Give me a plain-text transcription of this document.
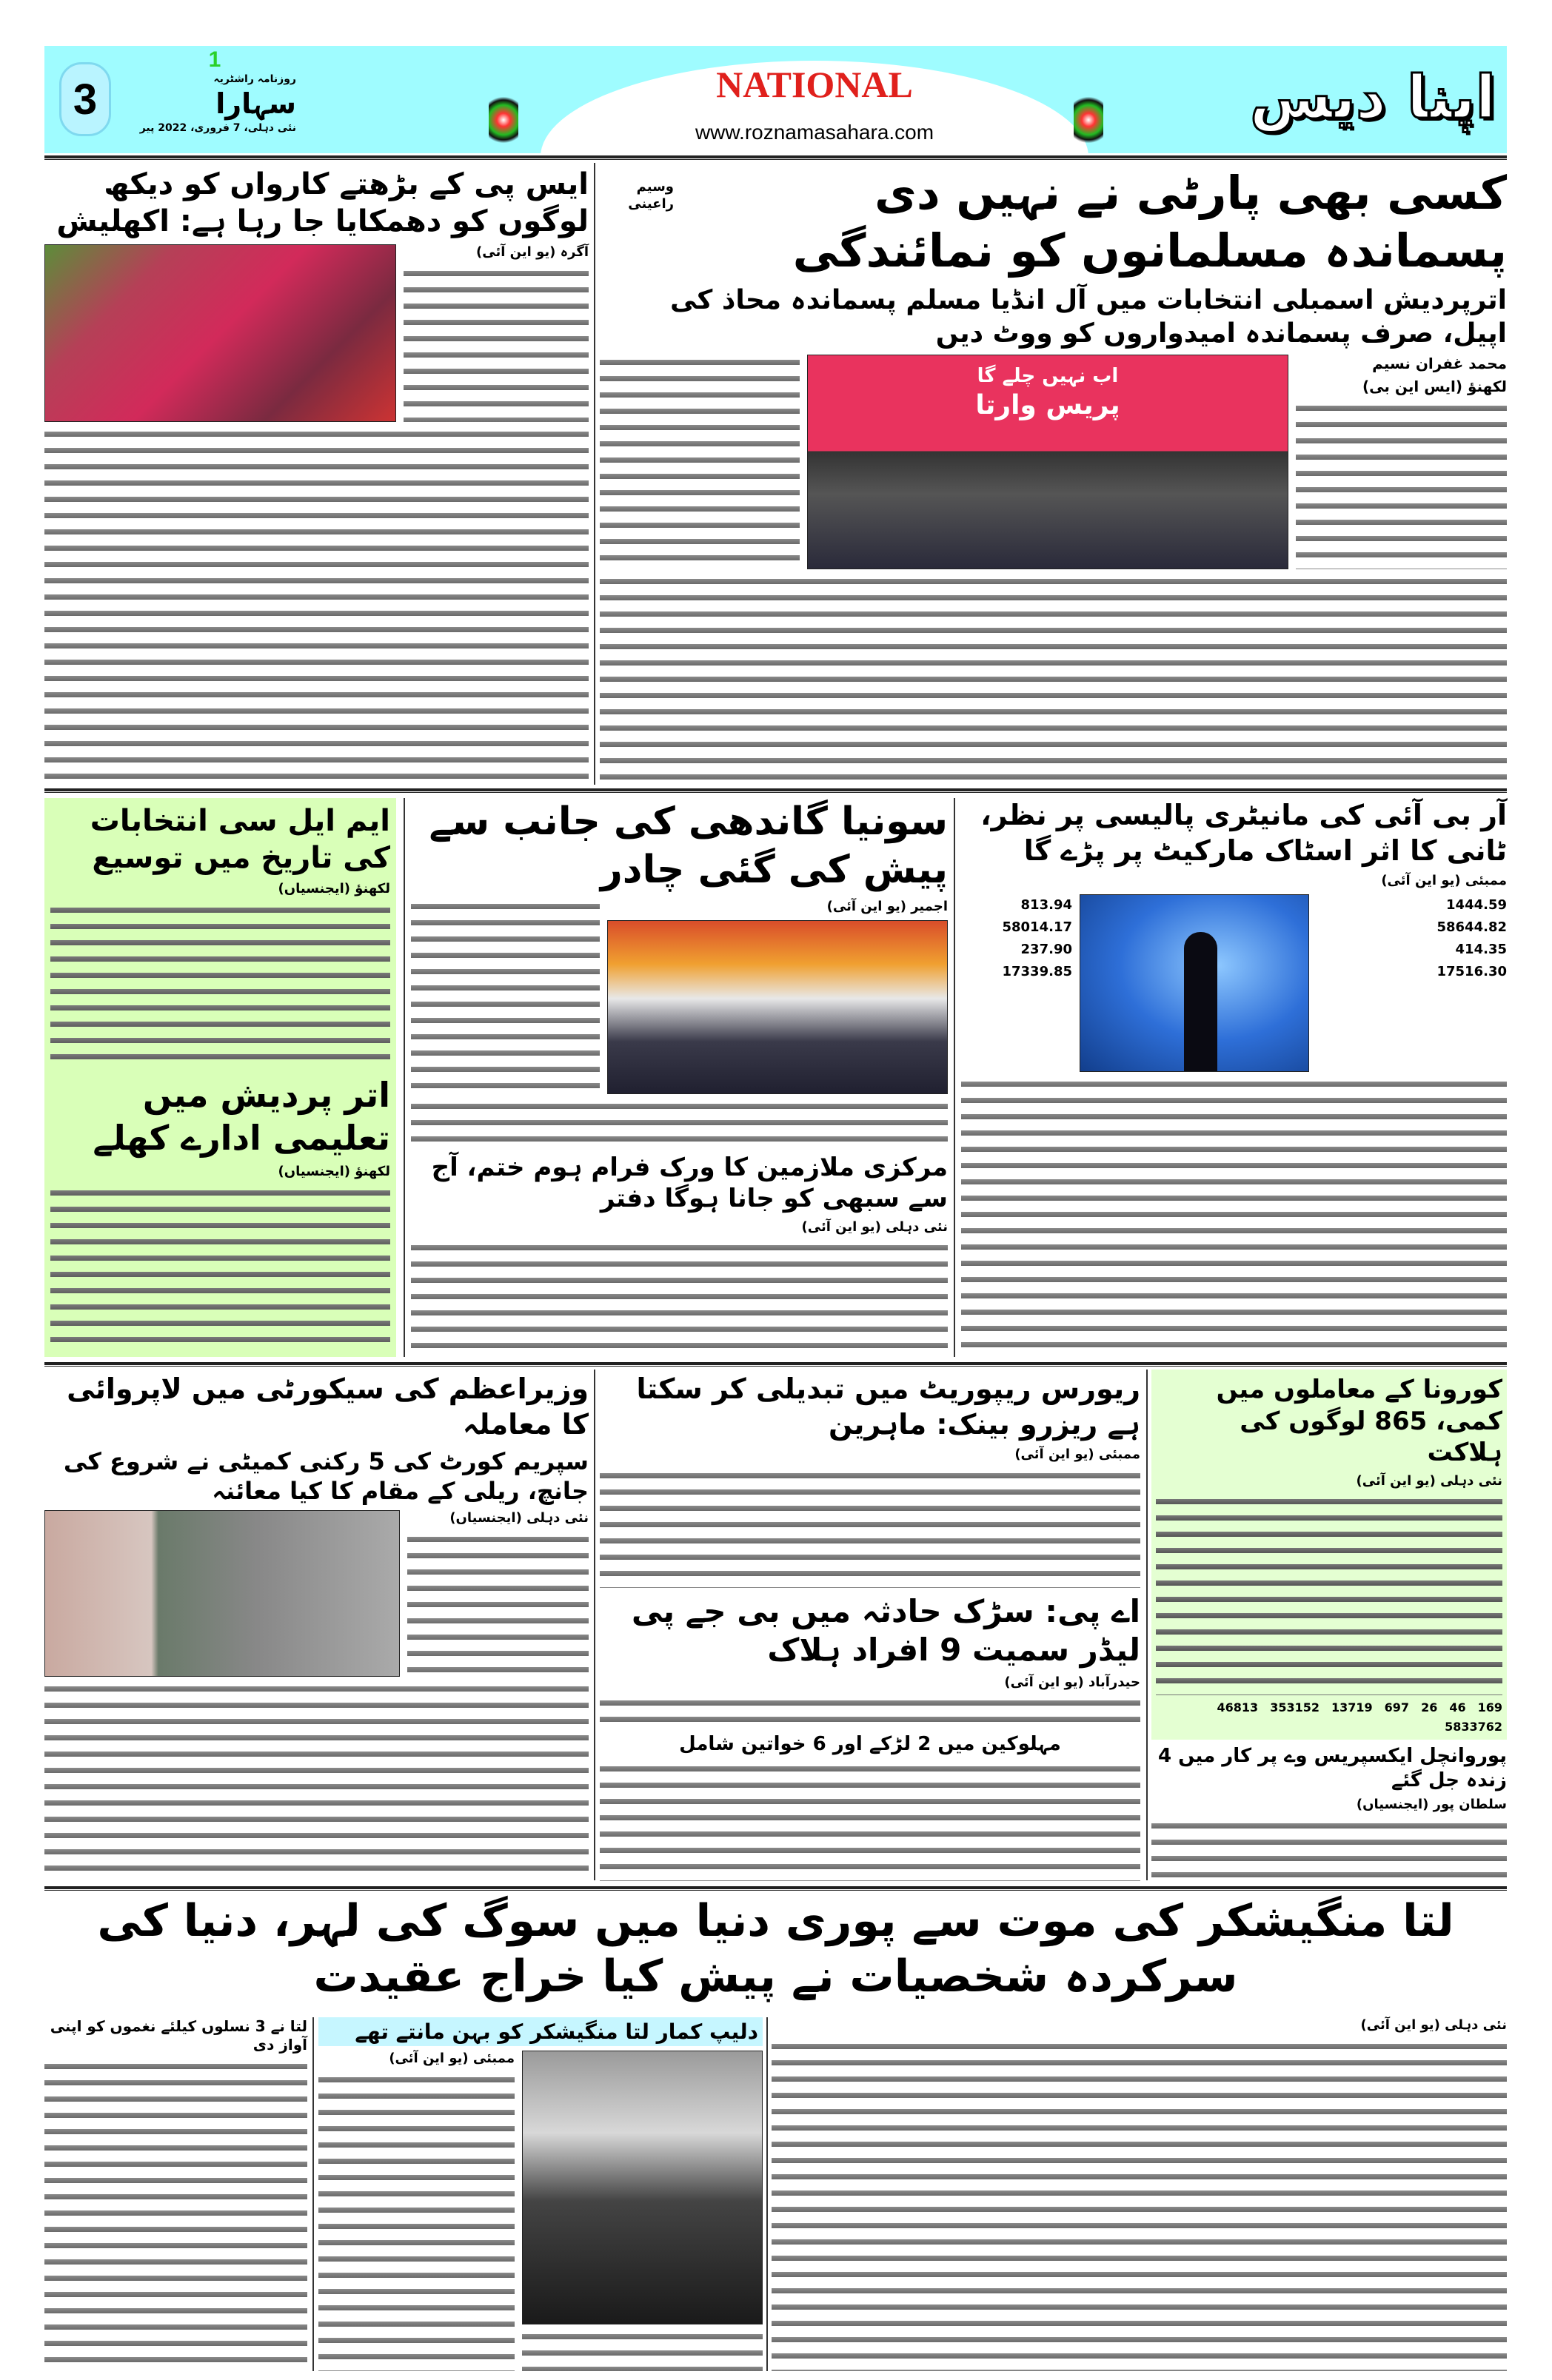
3
1
روزنامہ راشٹریہ
سہارا
نئی دہلی، 7 فروری، 2022 پیر
NATIONAL
www.roznamasahara.com
اپنا دیس
ایس پی کے بڑھتے کارواں کو دیکھ لوگوں کو دھمکایا جا رہا ہے: اکھلیش
آگرہ (یو این آئی)
وسیم راعینی	کسی بھی پارٹی نے نہیں دی پسماندہ مسلمانوں کو نمائندگی
اترپردیش اسمبلی انتخابات میں آل انڈیا مسلم پسماندہ محاذ کی اپیل، صرف پسماندہ امیدواروں کو ووٹ دیں
اب نہیں چلے گا
پریس وارتا
محمد غفران نسیم
لکھنؤ (ایس این بی)
ایم ایل سی انتخابات کی تاریخ میں توسیع
لکھنؤ (ایجنسیاں)
اتر پردیش میں تعلیمی ادارے کھلے
لکھنؤ (ایجنسیاں)
سونیا گاندھی کی جانب سے پیش کی گئی چادر
اجمیر (یو این آئی)
مرکزی ملازمین کا ورک فرام ہوم ختم، آج سے سبھی کو جانا ہوگا دفتر
نئی دہلی (یو این آئی)
آر بی آئی کی مانیٹری پالیسی پر نظر، ٹانی کا اثر اسٹاک مارکیٹ پر پڑے گا
ممبئی (یو این آئی)
813.94
58014.17
237.90
17339.85
1444.59
58644.82
414.35
17516.30
وزیراعظم کی سیکورٹی میں لاپروائی کا معاملہ
سپریم کورٹ کی 5 رکنی کمیٹی نے شروع کی جانچ، ریلی کے مقام کا کیا معائنہ
نئی دہلی (ایجنسیاں)
ریورس ریپوریٹ میں تبدیلی کر سکتا ہے ریزرو بینک: ماہرین
ممبئی (یو این آئی)
اے پی: سڑک حادثہ میں بی جے پی لیڈر سمیت 9 افراد ہلاک
حیدرآباد (یو این آئی)
مہلوکین میں 2 لڑکے اور 6 خواتین شامل
کورونا کے معاملوں میں کمی، 865 لوگوں کی ہلاکت
نئی دہلی (یو این آئی)
169
46
26
697
13719
353152
46813
5833762
پوروانچل ایکسپریس وے پر کار میں 4 زندہ جل گئے
سلطان پور (ایجنسیاں)
لتا منگیشکر کی موت سے پوری دنیا میں سوگ کی لہر، دنیا کی سرکردہ شخصیات نے پیش کیا خراج عقیدت
نئی دہلی (یو این آئی)
دلیپ کمار لتا منگیشکر کو بہن مانتے تھے
ممبئی (یو این آئی)
لتا نے 3 نسلوں کیلئے نغموں کو اپنی آواز دی
